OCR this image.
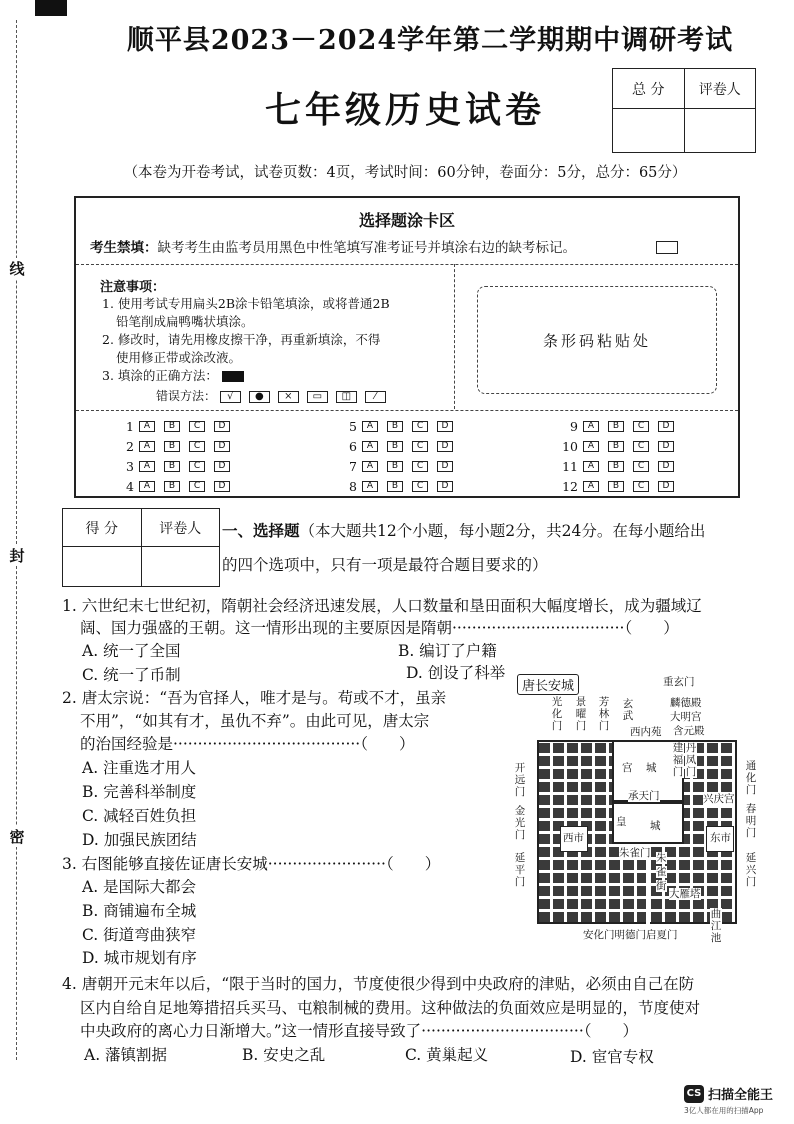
线
封
密
顺平县2023－2024学年第二学期期中调研考试
七年级历史试卷	总 分	评卷人

（本卷为开卷考试，试卷页数：4页，考试时间：60分钟，卷面分：5分，总分：65分）
选择题涂卡区
考生禁填：缺考考生由监考员用黑色中性笔填写准考证号并填涂右边的缺考标记。
注意事项：
1. 使用考试专用扁头2B涂卡铅笔填涂，或将普通2B
铅笔削成扁鸭嘴状填涂。
2. 修改时，请先用橡皮擦干净，再重新填涂，不得
使用修正带或涂改液。
3. 填涂的正确方法：
错误方法： √ ● × ▭ ◫ ⁄
条形码粘贴处
1	A	B	C	D
2	A	B	C	D
3	A	B	C	D
4	A	B	C	D
5	A	B	C	D
6	A	B	C	D
7	A	B	C	D
8	A	B	C	D
9	A	B	C	D
10	A	B	C	D
11	A	B	C	D
12	A	B	C	D
得 分	评卷人
	一、选择题（本大题共12个小题，每小题2分，共24分。在每小题给出
的四个选项中，只有一项是最符合题目要求的）
1. 六世纪末七世纪初，隋朝社会经济迅速发展，人口数量和垦田面积大幅度增长，成为疆域辽
阔、国力强盛的王朝。这一情形出现的主要原因是隋朝···································（　　）
A. 统一了全国	B. 编订了户籍
C. 统一了币制	D. 创设了科举
2. 唐太宗说：“吾为官择人，唯才是与。苟或不才，虽亲
不用”，“如其有才，虽仇不弃”。由此可见，唐太宗
的治国经验是······································（　　）
A. 注重选才用人
B. 完善科举制度
C. 减轻百姓负担
D. 加强民族团结
3. 右图能够直接佐证唐长安城························（　　）
A. 是国际大都会
B. 商铺遍布全城
C. 街道弯曲狭窄
D. 城市规划有序
唐长安城
光化门
景曜门
芳林门
玄武
开远门
金光门
延平门
通化门
春明门
延兴门
重玄门
麟德殿
大明宫
含元殿
西内苑
建福门
丹凤门
宫 城
承天门
皇 城
朱雀门
兴庆宫
西市	东市
朱
雀
街
大雁塔
曲江池
安化门明德门启夏门
4. 唐朝开元末年以后，“限于当时的国力，节度使很少得到中央政府的津贴，必须由自己在防
区内自给自足地筹措招兵买马、屯粮制械的费用。这种做法的负面效应是明显的，节度使对
中央政府的离心力日渐增大。”这一情形直接导致了·································（　　）
A. 藩镇割据	B. 安史之乱	C. 黄巢起义	D. 宦官专权
CS 扫描全能王
3亿人都在用的扫描App
